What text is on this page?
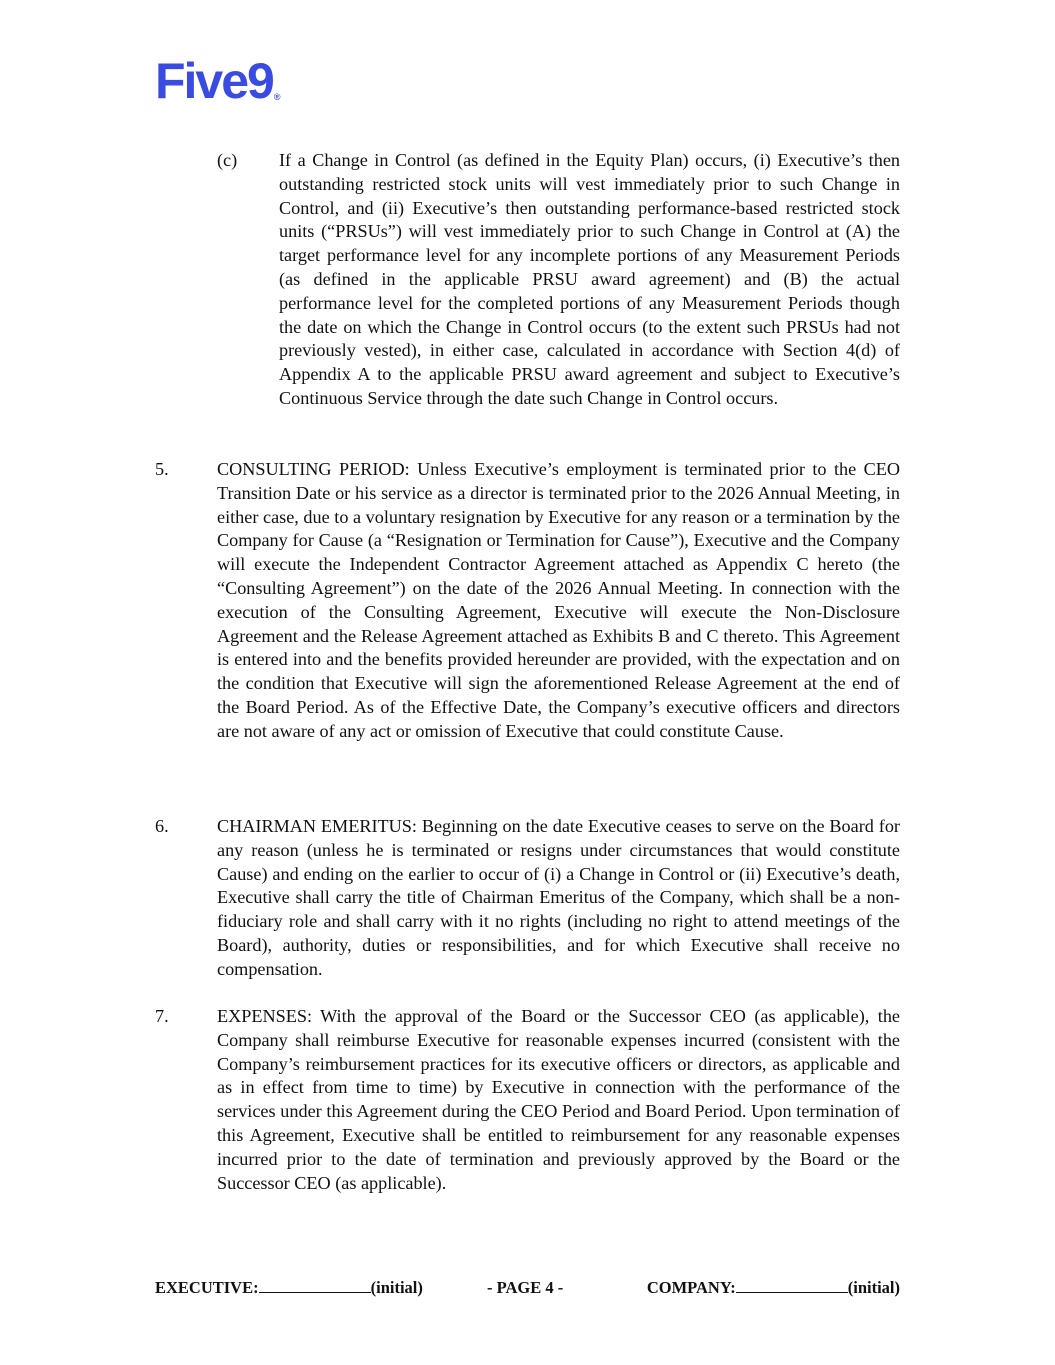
Five9®
(c) If a Change in Control (as defined in the Equity Plan) occurs, (i) Executive’s then outstanding restricted stock units will vest immediately prior to such Change in Control, and (ii) Executive’s then outstanding performance-based restricted stock units (“PRSUs”) will vest immediately prior to such Change in Control at (A) the target performance level for any incomplete portions of any Measurement Periods (as defined in the applicable PRSU award agreement) and (B) the actual performance level for the completed portions of any Measurement Periods though the date on which the Change in Control occurs (to the extent such PRSUs had not previously vested), in either case, calculated in accordance with Section 4(d) of Appendix A to the applicable PRSU award agreement and subject to Executive’s Continuous Service through the date such Change in Control occurs.
5.	CONSULTING PERIOD: Unless Executive’s employment is terminated prior to the CEO Transition Date or his service as a director is terminated prior to the 2026 Annual Meeting, in either case, due to a voluntary resignation by Executive for any reason or a termination by the Company for Cause (a “Resignation or Termination for Cause”), Executive and the Company will execute the Independent Contractor Agreement attached as Appendix C hereto (the “Consulting Agreement”) on the date of the 2026 Annual Meeting. In connection with the execution of the Consulting Agreement, Executive will execute the Non-Disclosure Agreement and the Release Agreement attached as Exhibits B and C thereto. This Agreement is entered into and the benefits provided hereunder are provided, with the expectation and on the condition that Executive will sign the aforementioned Release Agreement at the end of the Board Period. As of the Effective Date, the Company’s executive officers and directors are not aware of any act or omission of Executive that could constitute Cause.
6.	CHAIRMAN EMERITUS: Beginning on the date Executive ceases to serve on the Board for any reason (unless he is terminated or resigns under circumstances that would constitute Cause) and ending on the earlier to occur of (i) a Change in Control or (ii) Executive’s death, Executive shall carry the title of Chairman Emeritus of the Company, which shall be a non-fiduciary role and shall carry with it no rights (including no right to attend meetings of the Board), authority, duties or responsibilities, and for which Executive shall receive no compensation.
7.	EXPENSES: With the approval of the Board or the Successor CEO (as applicable), the Company shall reimburse Executive for reasonable expenses incurred (consistent with the Company’s reimbursement practices for its executive officers or directors, as applicable and as in effect from time to time) by Executive in connection with the performance of the services under this Agreement during the CEO Period and Board Period. Upon termination of this Agreement, Executive shall be entitled to reimbursement for any reasonable expenses incurred prior to the date of termination and previously approved by the Board or the Successor CEO (as applicable).
EXECUTIVE:	(initial)	- PAGE 4 -	COMPANY:	(initial)
